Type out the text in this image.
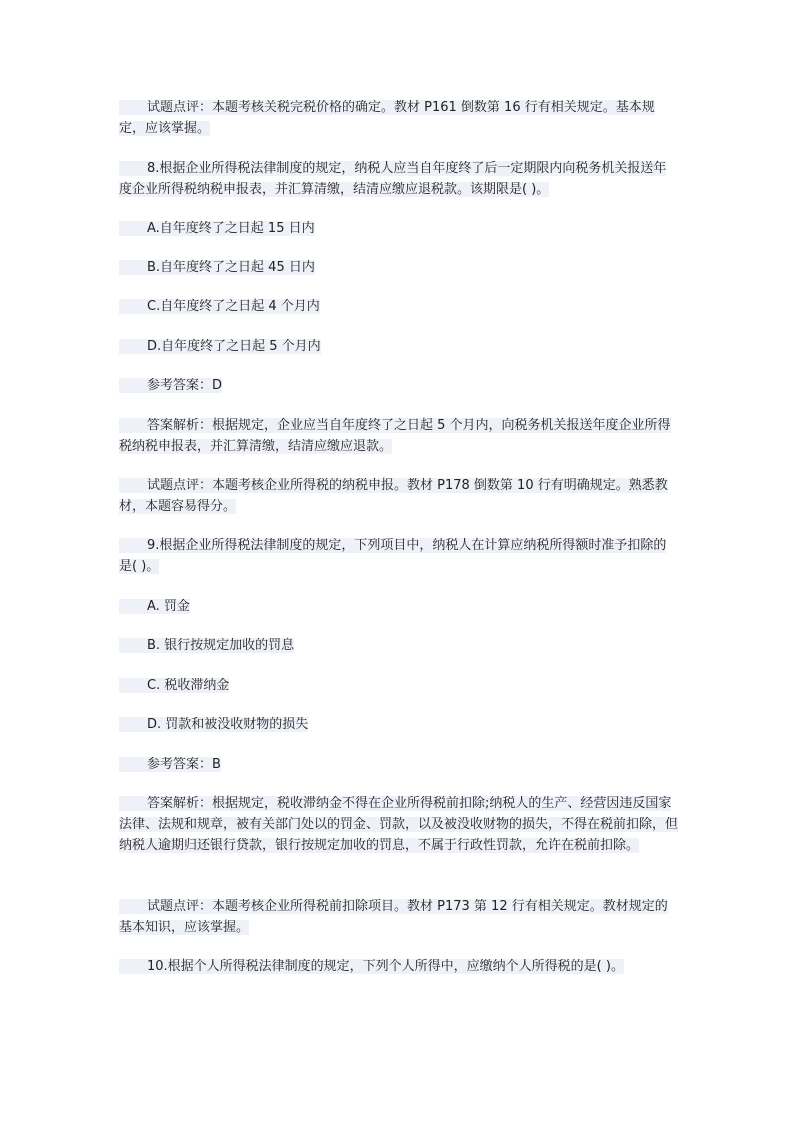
试题点评：本题考核关税完税价格的确定。教材 P161 倒数第 16 行有相关规定。基本规定，应该掌握。

8.根据企业所得税法律制度的规定，纳税人应当自年度终了后一定期限内向税务机关报送年度企业所得税纳税申报表，并汇算清缴，结清应缴应退税款。该期限是( )。

A.自年度终了之日起 15 日内

B.自年度终了之日起 45 日内

C.自年度终了之日起 4 个月内

D.自年度终了之日起 5 个月内

参考答案：D

答案解析：根据规定，企业应当自年度终了之日起 5 个月内，向税务机关报送年度企业所得税纳税申报表，并汇算清缴，结清应缴应退款。

试题点评：本题考核企业所得税的纳税申报。教材 P178 倒数第 10 行有明确规定。熟悉教材，本题容易得分。

9.根据企业所得税法律制度的规定，下列项目中，纳税人在计算应纳税所得额时准予扣除的是( )。

A. 罚金

B. 银行按规定加收的罚息

C. 税收滞纳金

D. 罚款和被没收财物的损失

参考答案：B

答案解析：根据规定，税收滞纳金不得在企业所得税前扣除;纳税人的生产、经营因违反国家法律、法规和规章，被有关部门处以的罚金、罚款，以及被没收财物的损失，不得在税前扣除，但纳税人逾期归还银行贷款，银行按规定加收的罚息，不属于行政性罚款，允许在税前扣除。

试题点评：本题考核企业所得税前扣除项目。教材 P173 第 12 行有相关规定。教材规定的基本知识，应该掌握。

10.根据个人所得税法律制度的规定，下列个人所得中，应缴纳个人所得税的是( )。
